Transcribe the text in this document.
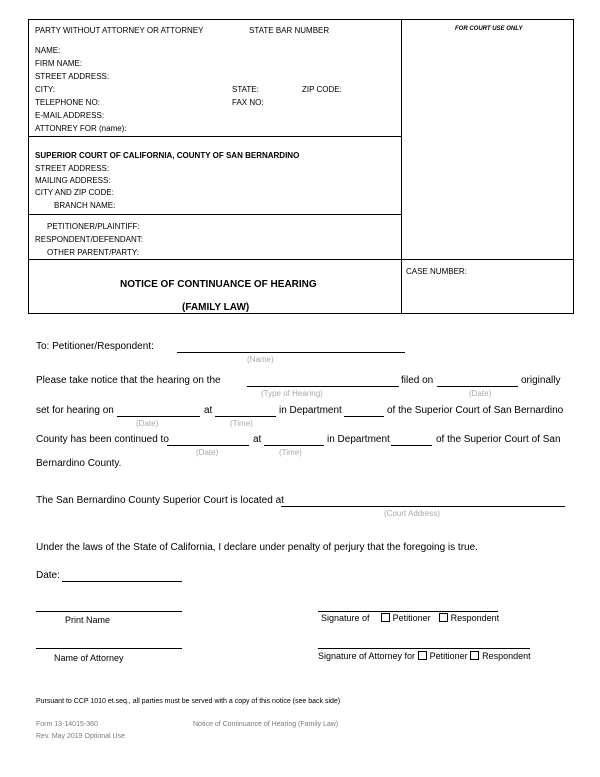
PARTY WITHOUT ATTORNEY OR ATTORNEY	STATE BAR NUMBER	FOR COURT USE ONLY
NAME:
FIRM NAME:
STREET ADDRESS:
CITY:	STATE:	ZIP CODE:
TELEPHONE NO:	FAX NO:
E-MAIL ADDRESS:
ATTONREY FOR (name):
SUPERIOR COURT OF CALIFORNIA, COUNTY OF SAN BERNARDINO
STREET ADDRESS:
MAILING ADDRESS:
CITY AND ZIP CODE:
BRANCH NAME:
PETITIONER/PLAINTIFF:
RESPONDENT/DEFENDANT:
OTHER PARENT/PARTY:
CASE NUMBER:
NOTICE OF CONTINUANCE OF HEARING
(FAMILY LAW)
To: Petitioner/Respondent:
(Name)
Please take notice that the hearing on the
(Type of Hearing)
filed on
(Date)
originally
set for hearing on
(Date)
at
(Time)
in Department	of the Superior Court of San Bernardino
County has been continued to
(Date)
at
(Time)
in Department	of the Superior Court of San
Bernardino County.
The San Bernardino County Superior Court is located at
(Court Address)
Under the laws of the State of California, I declare under penalty of perjury that the foregoing is true.
Date:
Print Name	Signature of	Petitioner Respondent
Name of Attorney	Signature of Attorney for Petitioner Respondent
Pursuant to CCP 1010 et.seq., all parties must be served with a copy of this notice (see back side)
Form 13-14015-360
Rev. May 2019 Optional Use
Notice of Continuance of Hearing (Family Law)
